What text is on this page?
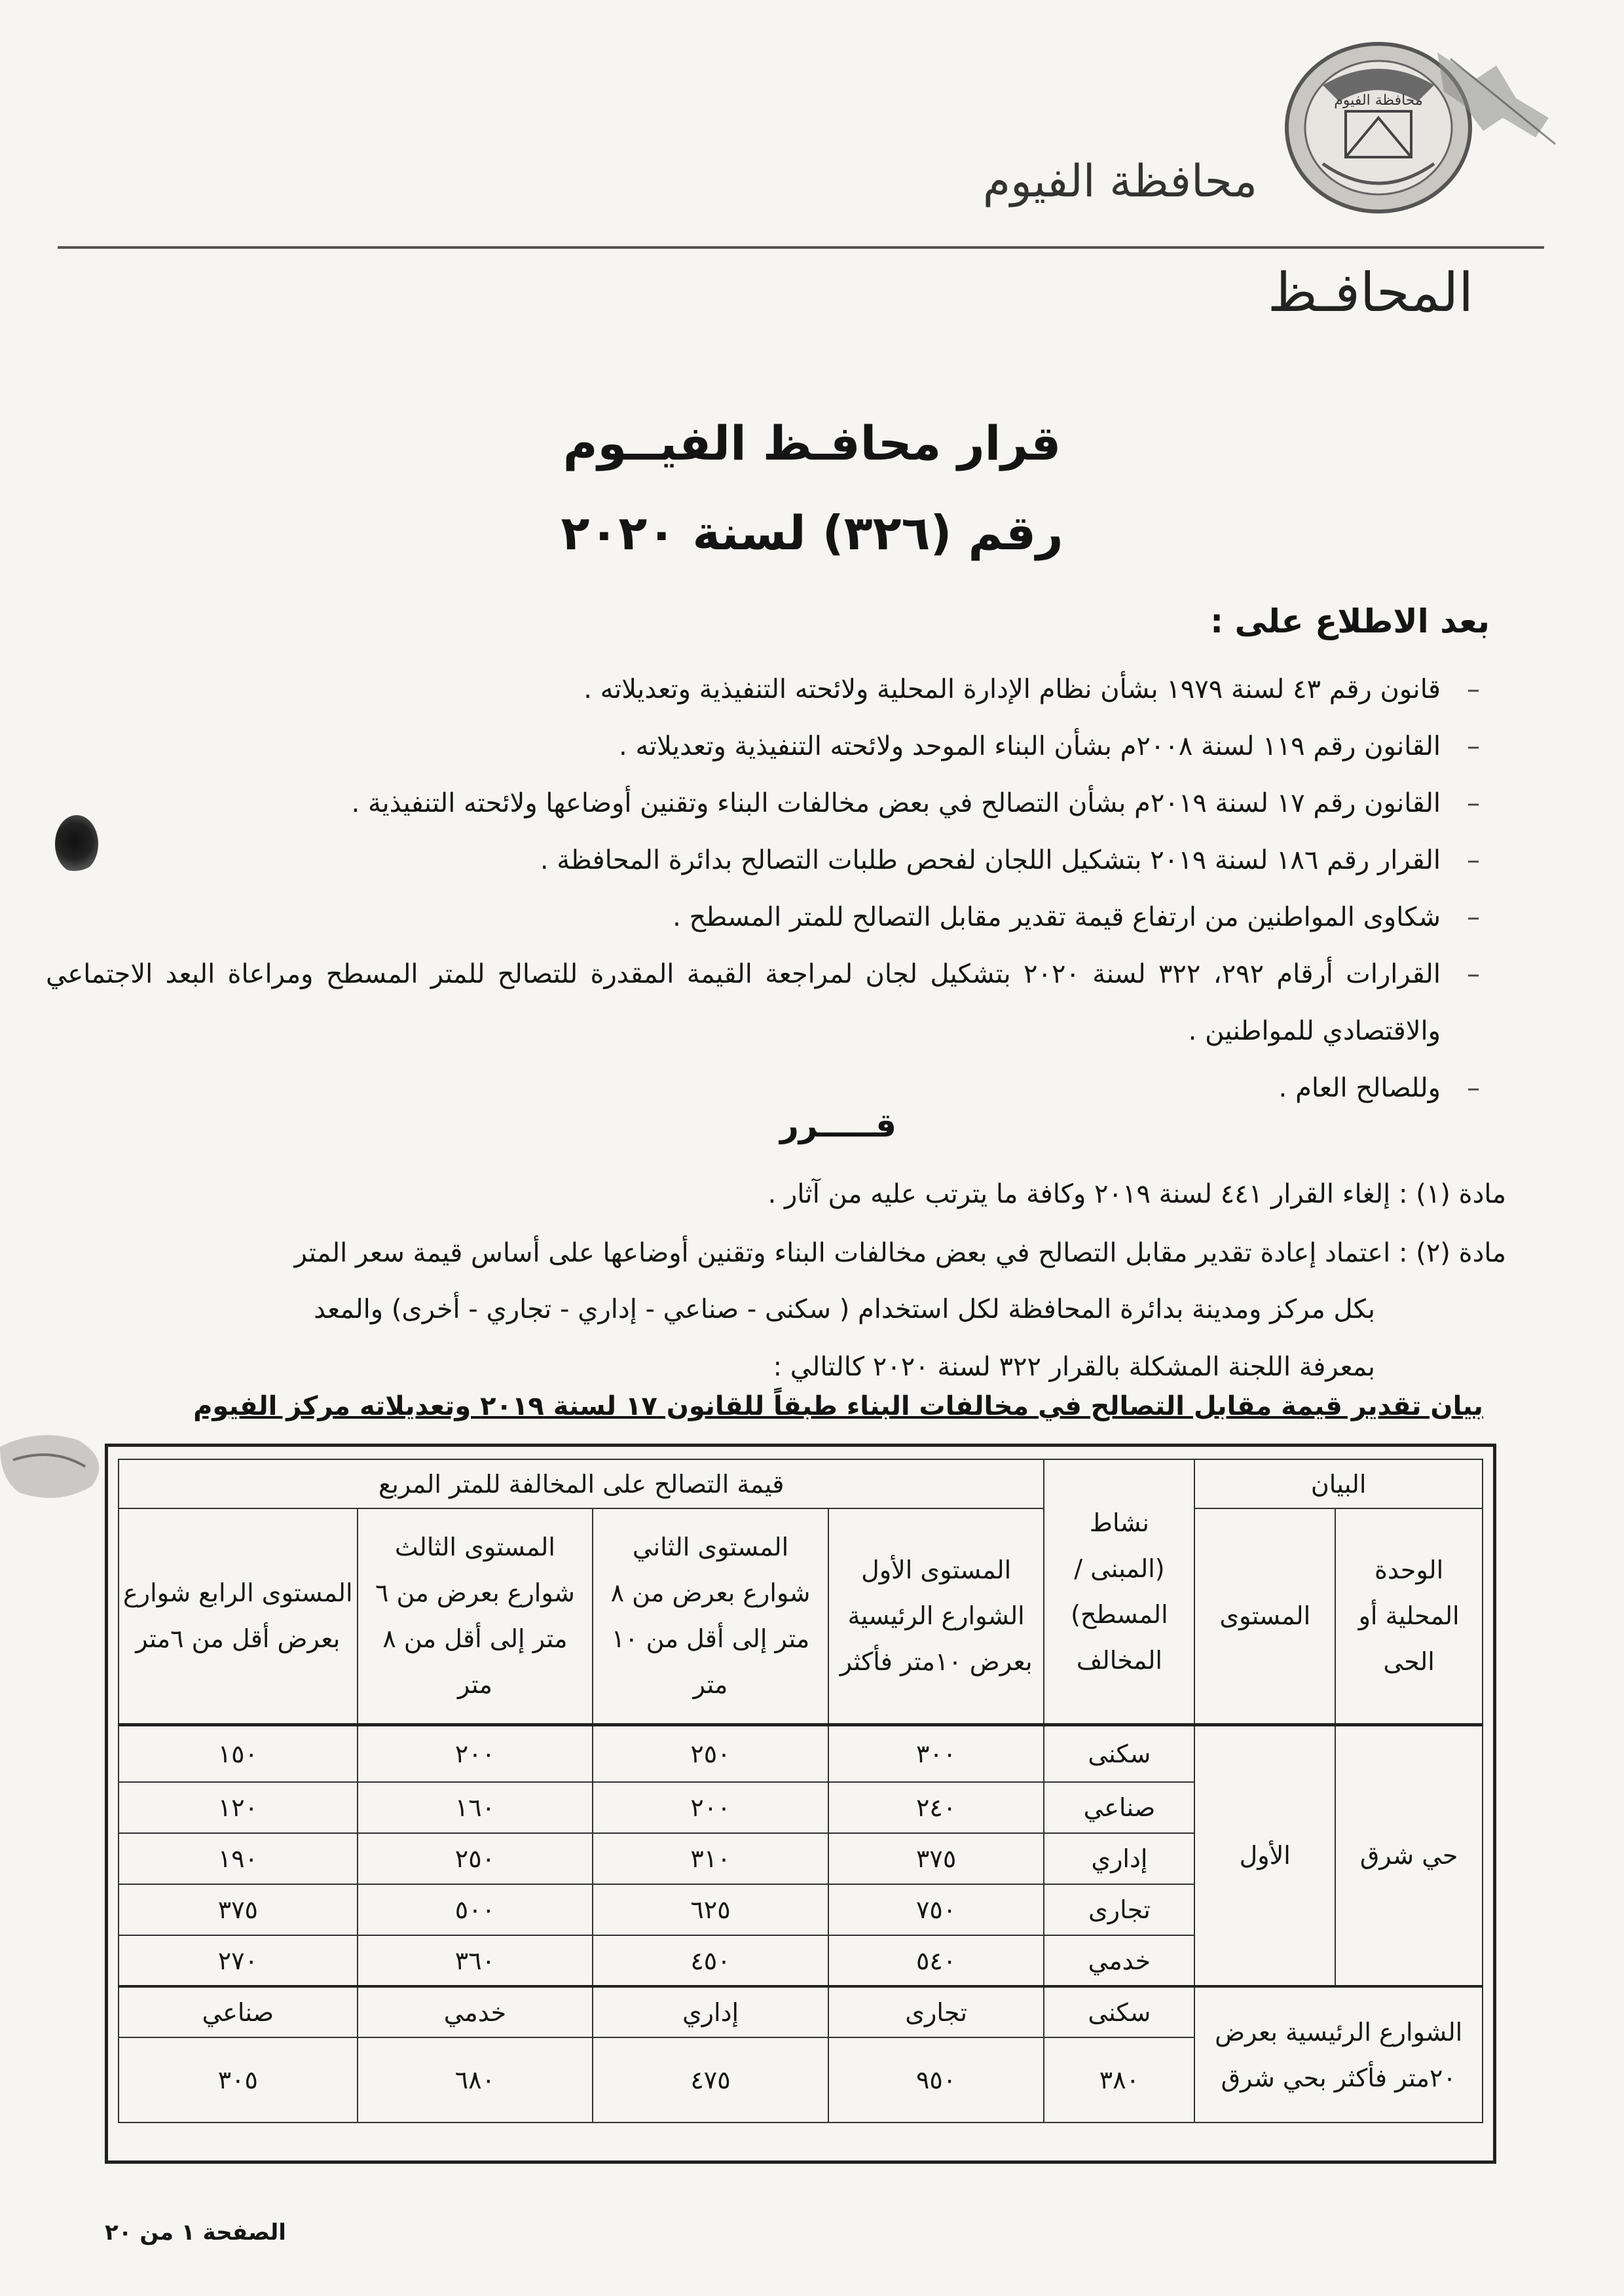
محافظة الفيوم
محافظة الفيوم
المحافـظ
قرار محافـظ الفيــوم
رقم (٣٢٦) لسنة ٢٠٢٠
بعد الاطلاع على :
–
قانون رقم ٤٣ لسنة ١٩٧٩ بشأن نظام الإدارة المحلية ولائحته التنفيذية وتعديلاته .
–
القانون رقم ١١٩ لسنة ٢٠٠٨م بشأن البناء الموحد ولائحته التنفيذية وتعديلاته .
–
القانون رقم ١٧ لسنة ٢٠١٩م بشأن التصالح في بعض مخالفات البناء وتقنين أوضاعها ولائحته التنفيذية .
–
القرار رقم ١٨٦ لسنة ٢٠١٩ بتشكيل اللجان لفحص طلبات التصالح بدائرة المحافظة .
–
شكاوى المواطنين من ارتفاع قيمة تقدير مقابل التصالح للمتر المسطح .
–
القرارات أرقام ٢٩٢، ٣٢٢ لسنة ٢٠٢٠ بتشكيل لجان لمراجعة القيمة المقدرة للتصالح للمتر المسطح ومراعاة البعد الاجتماعي والاقتصادي للمواطنين .
–
وللصالح العام .
قـــــرر
مادة (١) : إلغاء القرار ٤٤١ لسنة ٢٠١٩ وكافة ما يترتب عليه من آثار .
مادة (٢) : اعتماد إعادة تقدير مقابل التصالح في بعض مخالفات البناء وتقنين أوضاعها على أساس قيمة سعر المتر
بكل مركز ومدينة بدائرة المحافظة لكل استخدام ( سكنى - صناعي - إداري - تجاري - أخرى) والمعد
بمعرفة اللجنة المشكلة بالقرار ٣٢٢ لسنة ٢٠٢٠ كالتالي :
بيان تقدير قيمة مقابل التصالح في مخالفات البناء طبقاً للقانون ١٧ لسنة ٢٠١٩ وتعديلاته مركز الفيوم
البيان		نشاط (المبنى / المسطح) المخالف	قيمة التصالح على المخالفة للمتر المربع			
الوحدة المحلية أو الحى	المستوى		المستوى الأول الشوارع الرئيسية بعرض ١٠متر فأكثر	المستوى الثاني شوارع بعرض من ٨ متر إلى أقل من ١٠ متر	المستوى الثالث شوارع بعرض من ٦ متر إلى أقل من ٨ متر	المستوى الرابع شوارع بعرض أقل من ٦متر
حي شرق	الأول	سكنى	٣٠٠	٢٥٠	٢٠٠	١٥٠
		صناعي	٢٤٠	٢٠٠	١٦٠	١٢٠
		إداري	٣٧٥	٣١٠	٢٥٠	١٩٠
		تجارى	٧٥٠	٦٢٥	٥٠٠	٣٧٥
		خدمي	٥٤٠	٤٥٠	٣٦٠	٢٧٠
الشوارع الرئيسية بعرض ٢٠متر فأكثر بحي شرق		سكنى	تجارى	إداري	خدمي	صناعي
		٣٨٠	٩٥٠	٤٧٥	٦٨٠	٣٠٥
الصفحة ١ من ٢٠
